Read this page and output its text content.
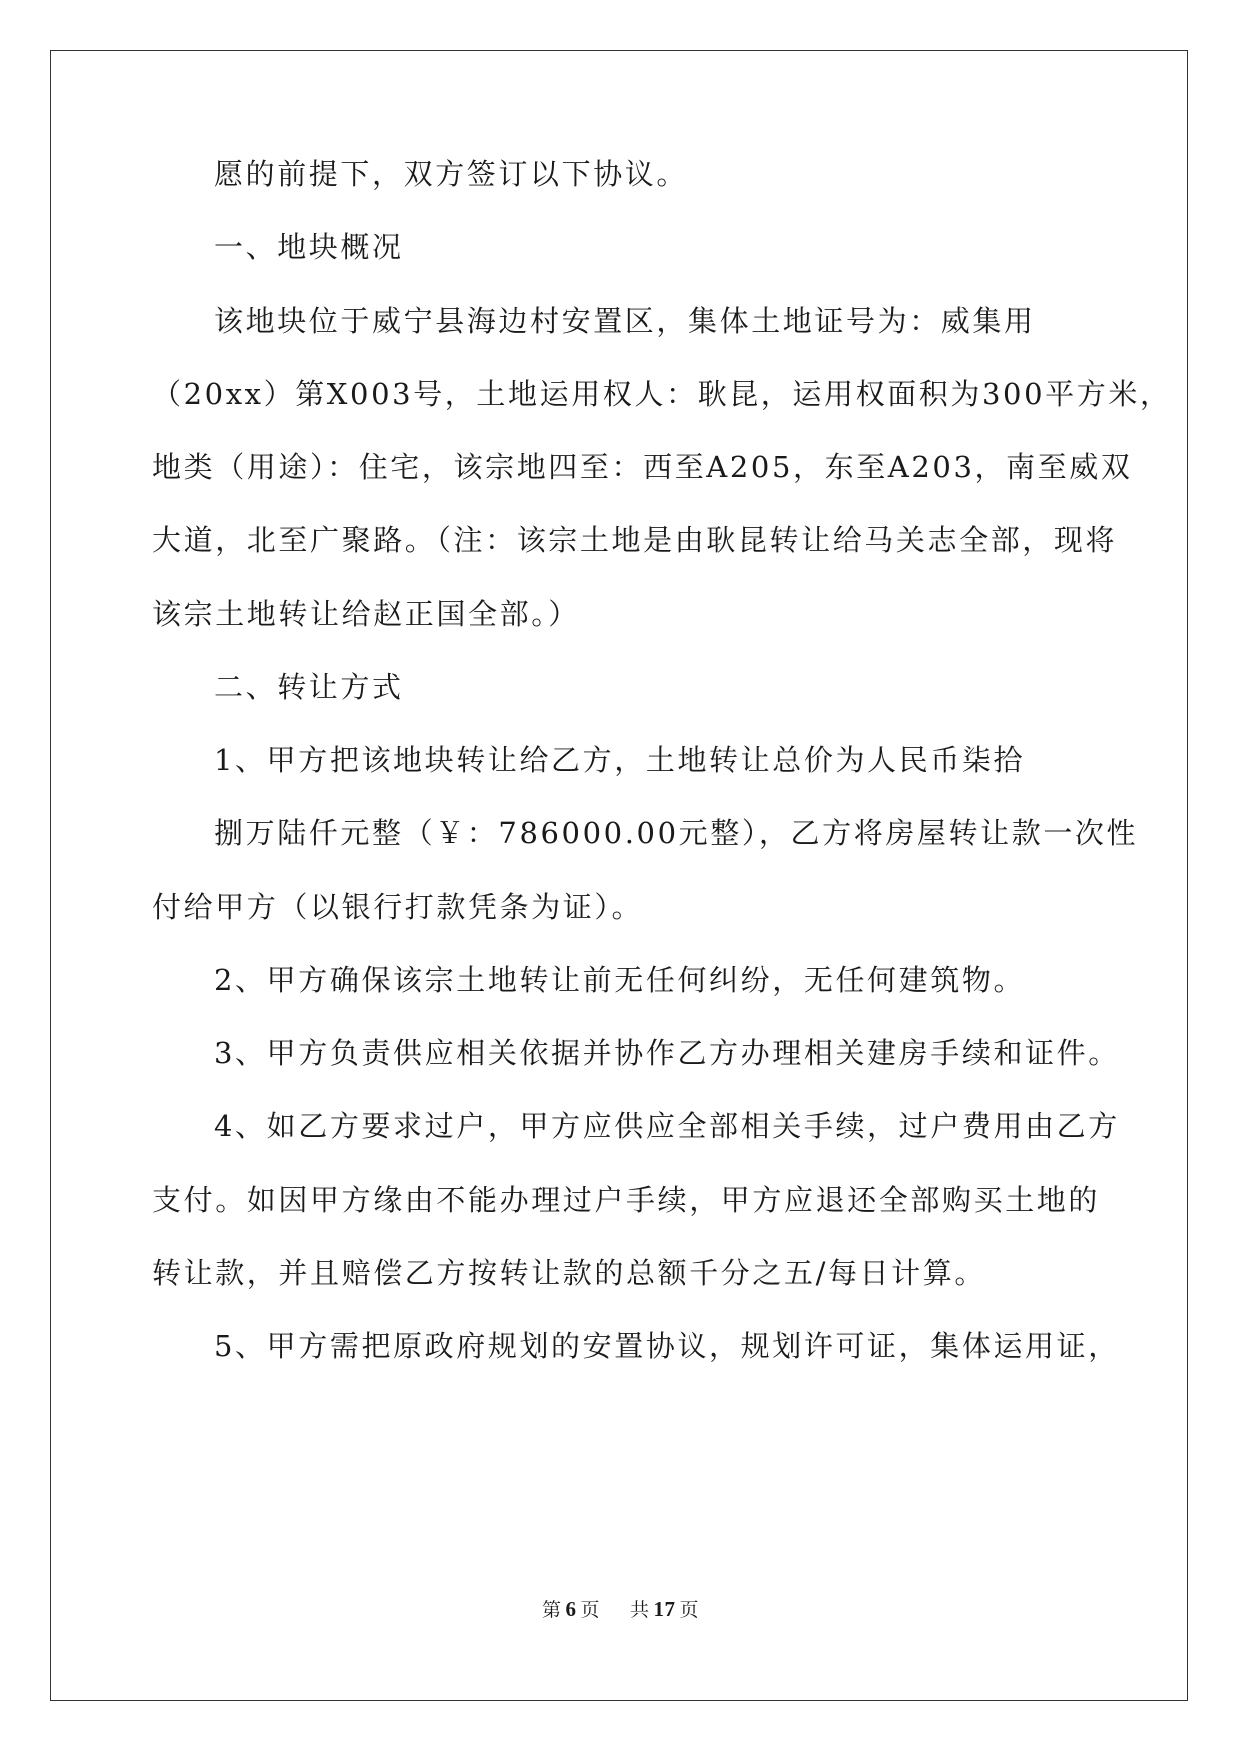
愿的前提下，双方签订以下协议。
一、地块概况
该地块位于威宁县海边村安置区，集体土地证号为：威集用
（20xx）第X003号，土地运用权人：耿昆，运用权面积为300平方米，
地类（用途）：住宅，该宗地四至：西至A205，东至A203，南至威双
大道，北至广聚路。（注：该宗土地是由耿昆转让给马关志全部，现将
该宗土地转让给赵正国全部。）
二、转让方式
1、甲方把该地块转让给乙方，土地转让总价为人民币柒拾
捌万陆仟元整（￥：786000.00元整），乙方将房屋转让款一次性
付给甲方（以银行打款凭条为证）。
2、甲方确保该宗土地转让前无任何纠纷，无任何建筑物。
3、甲方负责供应相关依据并协作乙方办理相关建房手续和证件。
4、如乙方要求过户，甲方应供应全部相关手续，过户费用由乙方
支付。如因甲方缘由不能办理过户手续，甲方应退还全部购买土地的
转让款，并且赔偿乙方按转让款的总额千分之五/每日计算。
5、甲方需把原政府规划的安置协议，规划许可证，集体运用证，
第 6 页 共 17 页
